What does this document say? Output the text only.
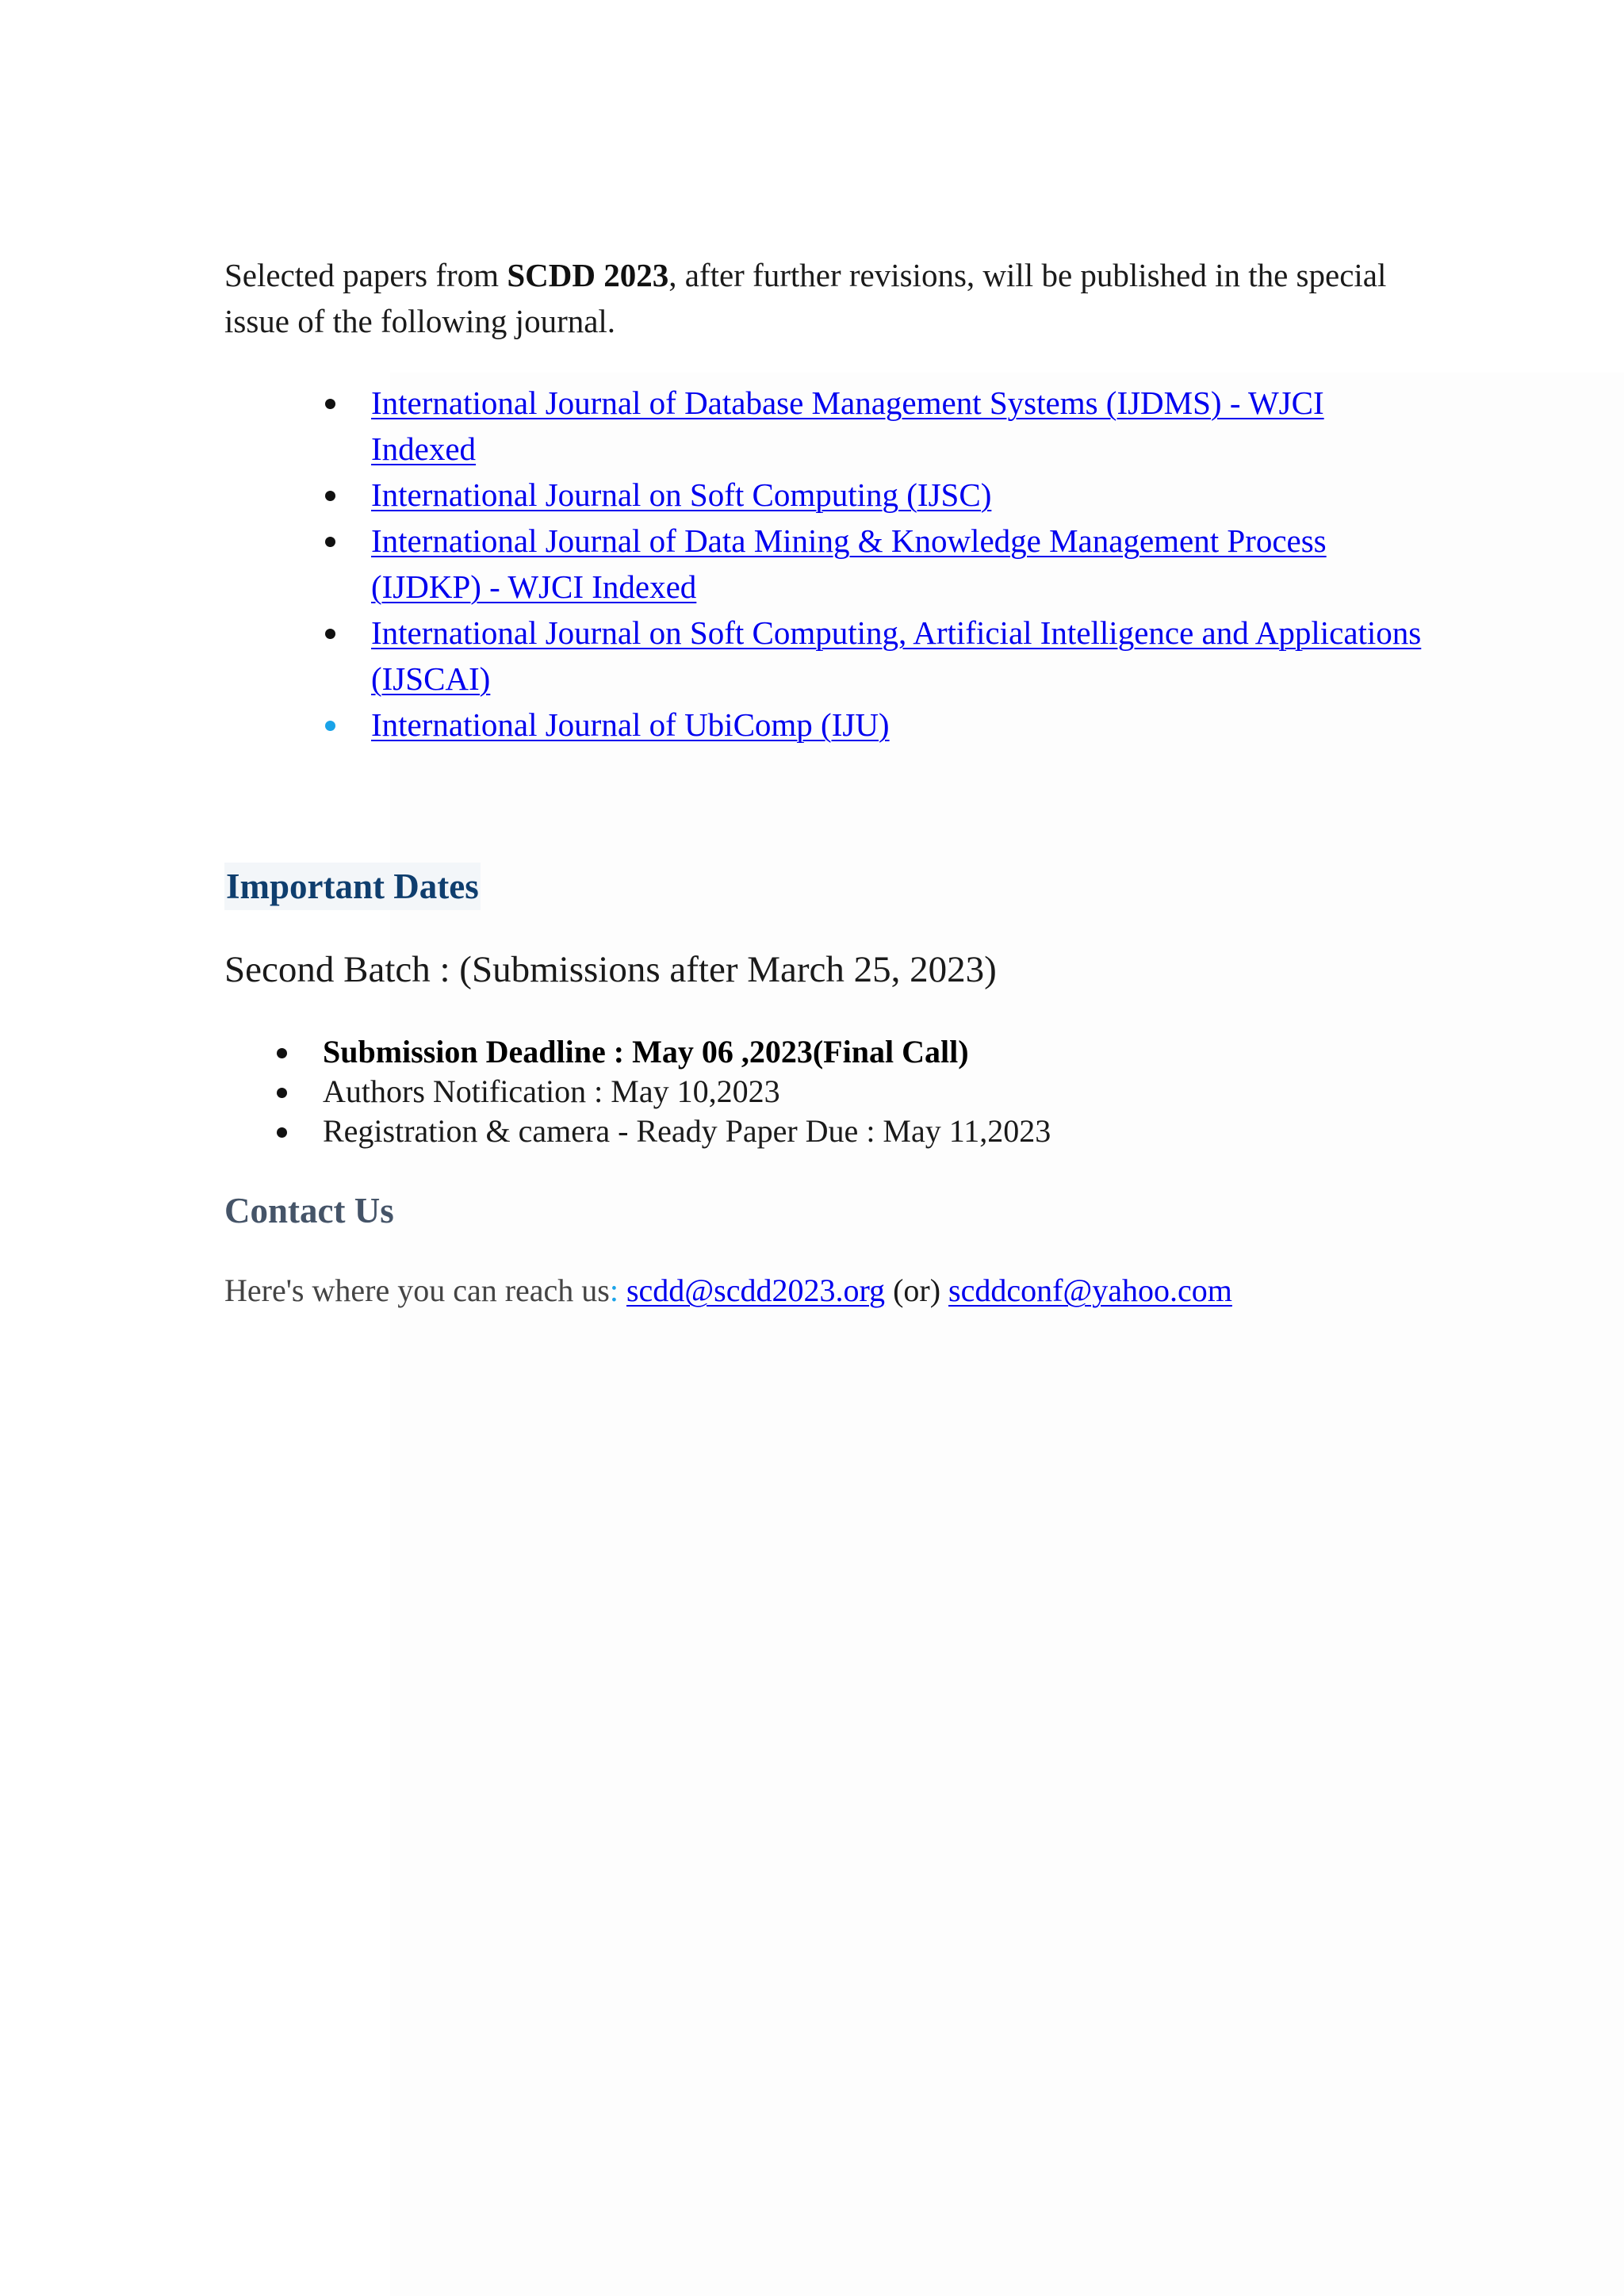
Selected papers from SCDD 2023, after further revisions, will be published in the special
issue of the following journal.
International Journal of Database Management Systems (IJDMS) - WJCI Indexed
International Journal on Soft Computing (IJSC)
International Journal of Data Mining & Knowledge Management Process (IJDKP) - WJCI Indexed
International Journal on Soft Computing, Artificial Intelligence and Applications (IJSCAI)
International Journal of UbiComp (IJU)
Important Dates
Second Batch : (Submissions after March 25, 2023)
Submission Deadline : May 06 ,2023(Final Call)
Authors Notification : May 10,2023
Registration & camera - Ready Paper Due : May 11,2023
Contact Us
Here's where you can reach us: scdd@scdd2023.org (or) scddconf@yahoo.com
